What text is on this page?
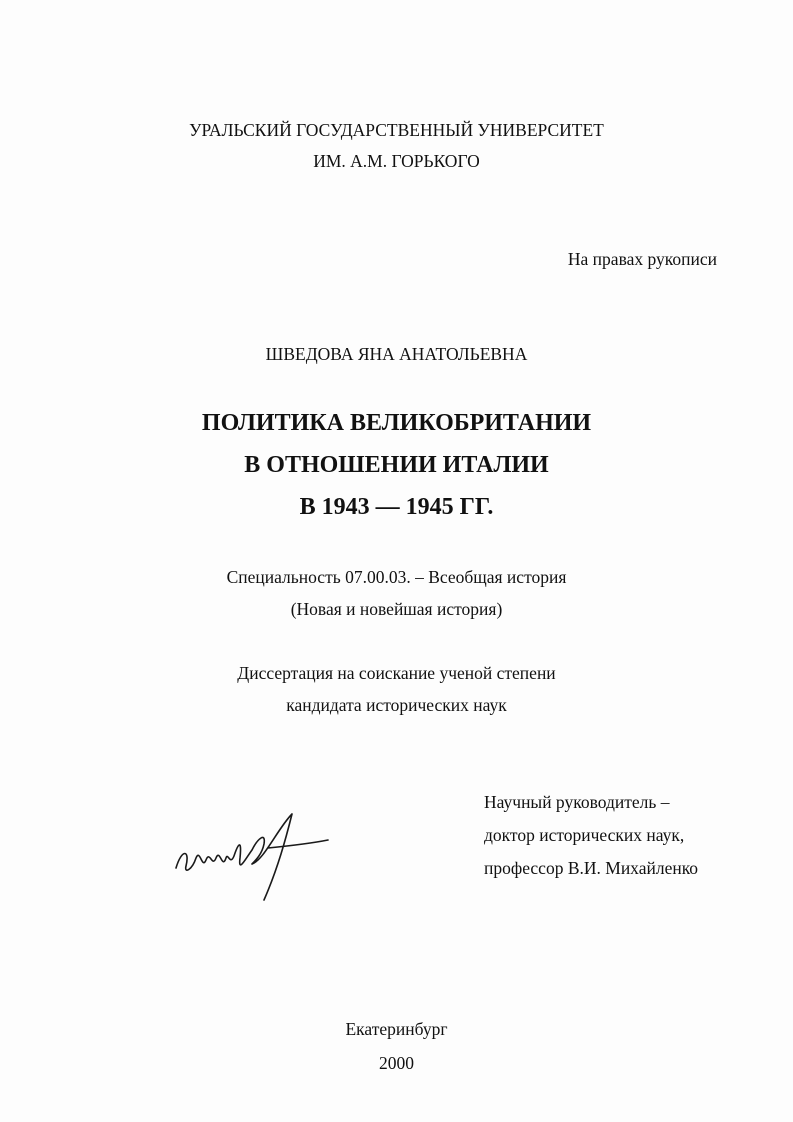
УРАЛЬСКИЙ ГОСУДАРСТВЕННЫЙ УНИВЕРСИТЕТ
ИМ. А.М. ГОРЬКОГО
На правах рукописи
ШВЕДОВА ЯНА АНАТОЛЬЕВНА
ПОЛИТИКА ВЕЛИКОБРИТАНИИ
В ОТНОШЕНИИ ИТАЛИИ
В 1943 — 1945 ГГ.
Специальность 07.00.03. – Всеобщая история
(Новая и новейшая история)
Диссертация на соискание ученой степени
кандидата исторических наук
Научный руководитель –
доктор исторических наук,
профессор В.И. Михайленко
Екатеринбург
2000
